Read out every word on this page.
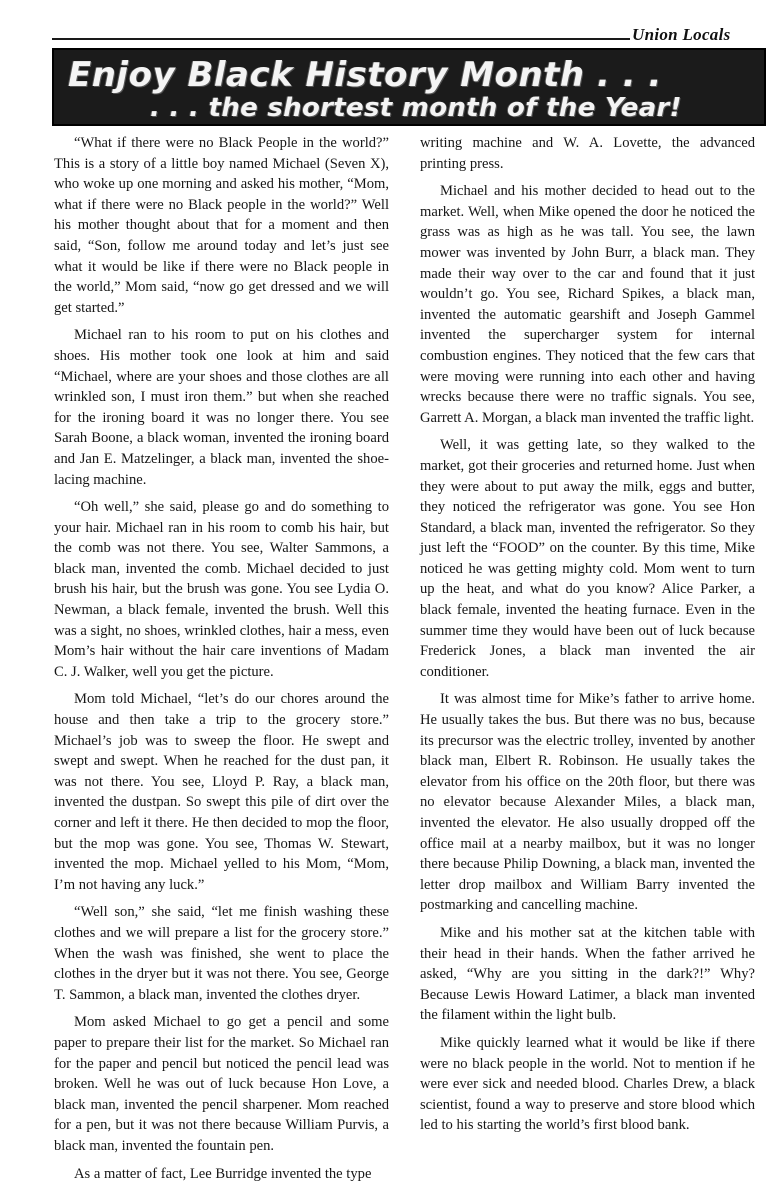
Union Locals
Enjoy Black History Month . . .
. . . the shortest month of the Year!

“What if there were no Black People in the world?” This is a story of a little boy named Michael (Seven X), who woke up one morning and asked his mother, “Mom, what if there were no Black people in the world?” Well his mother thought about that for a moment and then said, “Son, follow me around today and let’s just see what it would be like if there were no Black people in the world,” Mom said, “now go get dressed and we will get started.”

Michael ran to his room to put on his clothes and shoes. His mother took one look at him and said “Michael, where are your shoes and those clothes are all wrinkled son, I must iron them.” but when she reached for the ironing board it was no longer there. You see Sarah Boone, a black woman, invented the ironing board and Jan E. Matzelinger, a black man, invented the shoe-lacing machine.

“Oh well,” she said, please go and do something to your hair. Michael ran in his room to comb his hair, but the comb was not there. You see, Walter Sammons, a black man, invented the comb. Michael decided to just brush his hair, but the brush was gone. You see Lydia O. Newman, a black female, invented the brush. Well this was a sight, no shoes, wrinkled clothes, hair a mess, even Mom’s hair without the hair care inventions of Madam C. J. Walker, well you get the picture.

Mom told Michael, “let’s do our chores around the house and then take a trip to the grocery store.” Michael’s job was to sweep the floor. He swept and swept and swept. When he reached for the dust pan, it was not there. You see, Lloyd P. Ray, a black man, invented the dustpan. So swept this pile of dirt over the corner and left it there. He then decided to mop the floor, but the mop was gone. You see, Thomas W. Stewart, invented the mop. Michael yelled to his Mom, “Mom, I’m not having any luck.”

“Well son,” she said, “let me finish washing these clothes and we will prepare a list for the grocery store.” When the wash was finished, she went to place the clothes in the dryer but it was not there. You see, George T. Sammon, a black man, invented the clothes dryer.

Mom asked Michael to go get a pencil and some paper to prepare their list for the market. So Michael ran for the paper and pencil but noticed the pencil lead was broken. Well he was out of luck because Hon Love, a black man, invented the pencil sharpener. Mom reached for a pen, but it was not there because William Purvis, a black man, invented the fountain pen.

As a matter of fact, Lee Burridge invented the type

writing machine and W. A. Lovette, the advanced printing press.

Michael and his mother decided to head out to the market. Well, when Mike opened the door he noticed the grass was as high as he was tall. You see, the lawn mower was invented by John Burr, a black man. They made their way over to the car and found that it just wouldn’t go. You see, Richard Spikes, a black man, invented the automatic gearshift and Joseph Gammel invented the supercharger system for internal combustion engines. They noticed that the few cars that were moving were running into each other and having wrecks because there were no traffic signals. You see, Garrett A. Morgan, a black man invented the traffic light.

Well, it was getting late, so they walked to the market, got their groceries and returned home. Just when they were about to put away the milk, eggs and butter, they noticed the refrigerator was gone. You see Hon Standard, a black man, invented the refrigerator. So they just left the “FOOD” on the counter. By this time, Mike noticed he was getting mighty cold. Mom went to turn up the heat, and what do you know? Alice Parker, a black female, invented the heating furnace. Even in the summer time they would have been out of luck because Frederick Jones, a black man invented the air conditioner.

It was almost time for Mike’s father to arrive home. He usually takes the bus. But there was no bus, because its precursor was the electric trolley, invented by another black man, Elbert R. Robinson. He usually takes the elevator from his office on the 20th floor, but there was no elevator because Alexander Miles, a black man, invented the elevator. He also usually dropped off the office mail at a nearby mailbox, but it was no longer there because Philip Downing, a black man, invented the letter drop mailbox and William Barry invented the postmarking and cancelling machine.

Mike and his mother sat at the kitchen table with their head in their hands. When the father arrived he asked, “Why are you sitting in the dark?!” Why? Because Lewis Howard Latimer, a black man invented the filament within the light bulb.

Mike quickly learned what it would be like if there were no black people in the world. Not to mention if he were ever sick and needed blood. Charles Drew, a black scientist, found a way to preserve and store blood which led to his starting the world’s first blood bank.
